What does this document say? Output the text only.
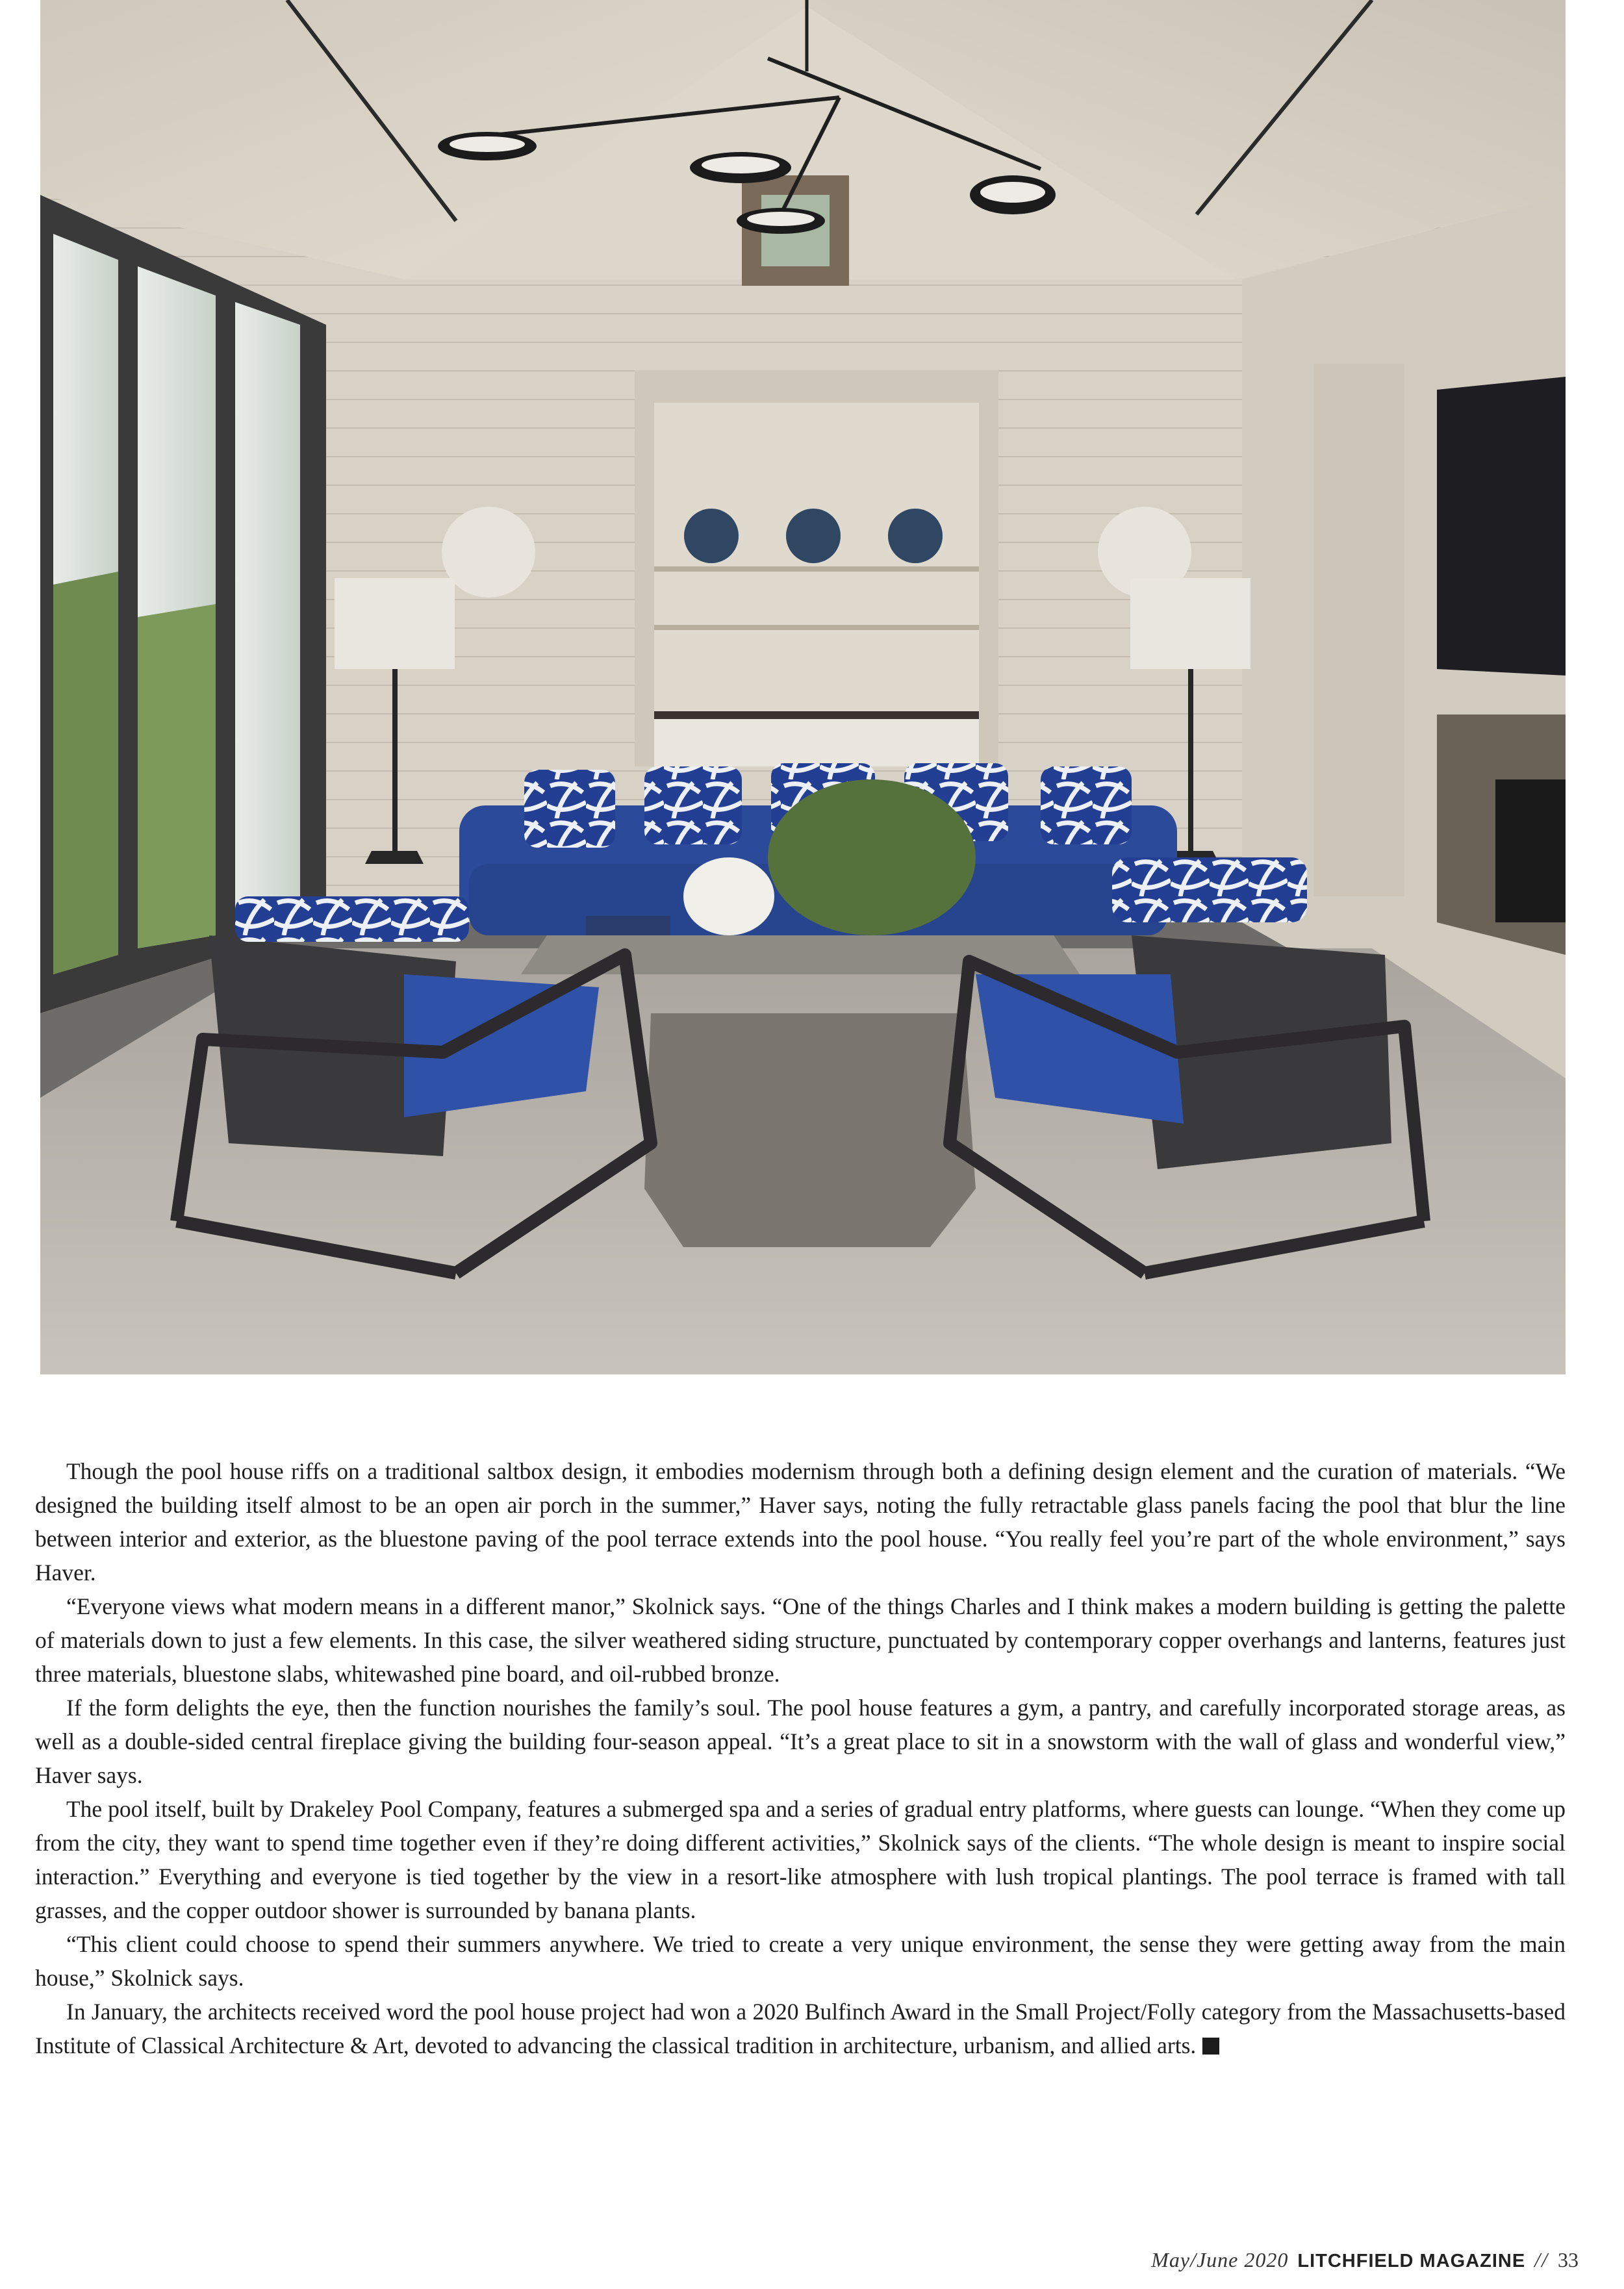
Though the pool house riffs on a traditional saltbox design, it embodies modernism through both a defining design element and the curation of materials. “We designed the building itself almost to be an open air porch in the summer,” Haver says, noting the fully retractable glass panels facing the pool that blur the line between interior and exterior, as the bluestone paving of the pool terrace extends into the pool house. “You really feel you’re part of the whole environment,” says Haver.

“Everyone views what modern means in a different manor,” Skolnick says. “One of the things Charles and I think makes a modern building is getting the palette of materials down to just a few elements. In this case, the silver weathered siding structure, punctuated by contemporary copper overhangs and lanterns, features just three materials, bluestone slabs, whitewashed pine board, and oil-rubbed bronze.

If the form delights the eye, then the function nourishes the family’s soul. The pool house features a gym, a pantry, and carefully incorporated storage areas, as well as a double-sided central fireplace giving the building four-season appeal. “It’s a great place to sit in a snowstorm with the wall of glass and wonderful view,” Haver says.

The pool itself, built by Drakeley Pool Company, features a submerged spa and a series of gradual entry platforms, where guests can lounge. “When they come up from the city, they want to spend time together even if they’re doing different activities,” Skolnick says of the clients. “The whole design is meant to inspire social interaction.” Everything and everyone is tied together by the view in a resort-like atmosphere with lush tropical plantings. The pool terrace is framed with tall grasses, and the copper outdoor shower is surrounded by banana plants.

“This client could choose to spend their summers anywhere. We tried to create a very unique environment, the sense they were getting away from the main house,” Skolnick says.

In January, the architects received word the pool house project had won a 2020 Bulfinch Award in the Small Project/Folly category from the Massachusetts-based Institute of Classical Architecture & Art, devoted to advancing the classical tradition in architecture, urbanism, and allied arts.

May/June 2020 LITCHFIELD MAGAZINE // 33
